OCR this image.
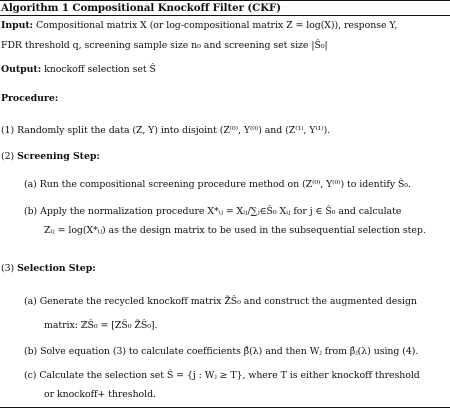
Algorithm 1 Compositional Knockoff Filter (CKF)
Input: Compositional matrix X (or log-compositional matrix Z = log(X)), response Y,
FDR threshold q, screening sample size n₀ and screening set size |Ŝ₀|
Output: knockoff selection set Ŝ
Procedure:
(1) Randomly split the data (Z, Y) into disjoint (Z⁽⁰⁾, Y⁽⁰⁾) and (Z⁽¹⁾, Y⁽¹⁾).
(2) Screening Step:
(a) Run the compositional screening procedure method on (Z⁽⁰⁾, Y⁽⁰⁾) to identify Ŝ₀.
(b) Apply the normalization procedure X*ᵢⱼ = Xᵢⱼ/∑ⱼ∈Ŝ₀ Xᵢⱼ for j ∈ Ŝ₀ and calculate
Zᵢⱼ = log(X*ᵢⱼ) as the design matrix to be used in the subsequential selection step.
(3) Selection Step:
(a) Generate the recycled knockoff matrix Z̃Ŝ₀ and construct the augmented design
matrix: ℤŜ₀ = [ZŜ₀ Z̃Ŝ₀].
(b) Solve equation (3) to calculate coefficients β̂(λ) and then Wⱼ from β̂ⱼ(λ) using (4).
(c) Calculate the selection set Ŝ = {j : Wⱼ ≥ T}, where T is either knockoff threshold
or knockoff+ threshold.
